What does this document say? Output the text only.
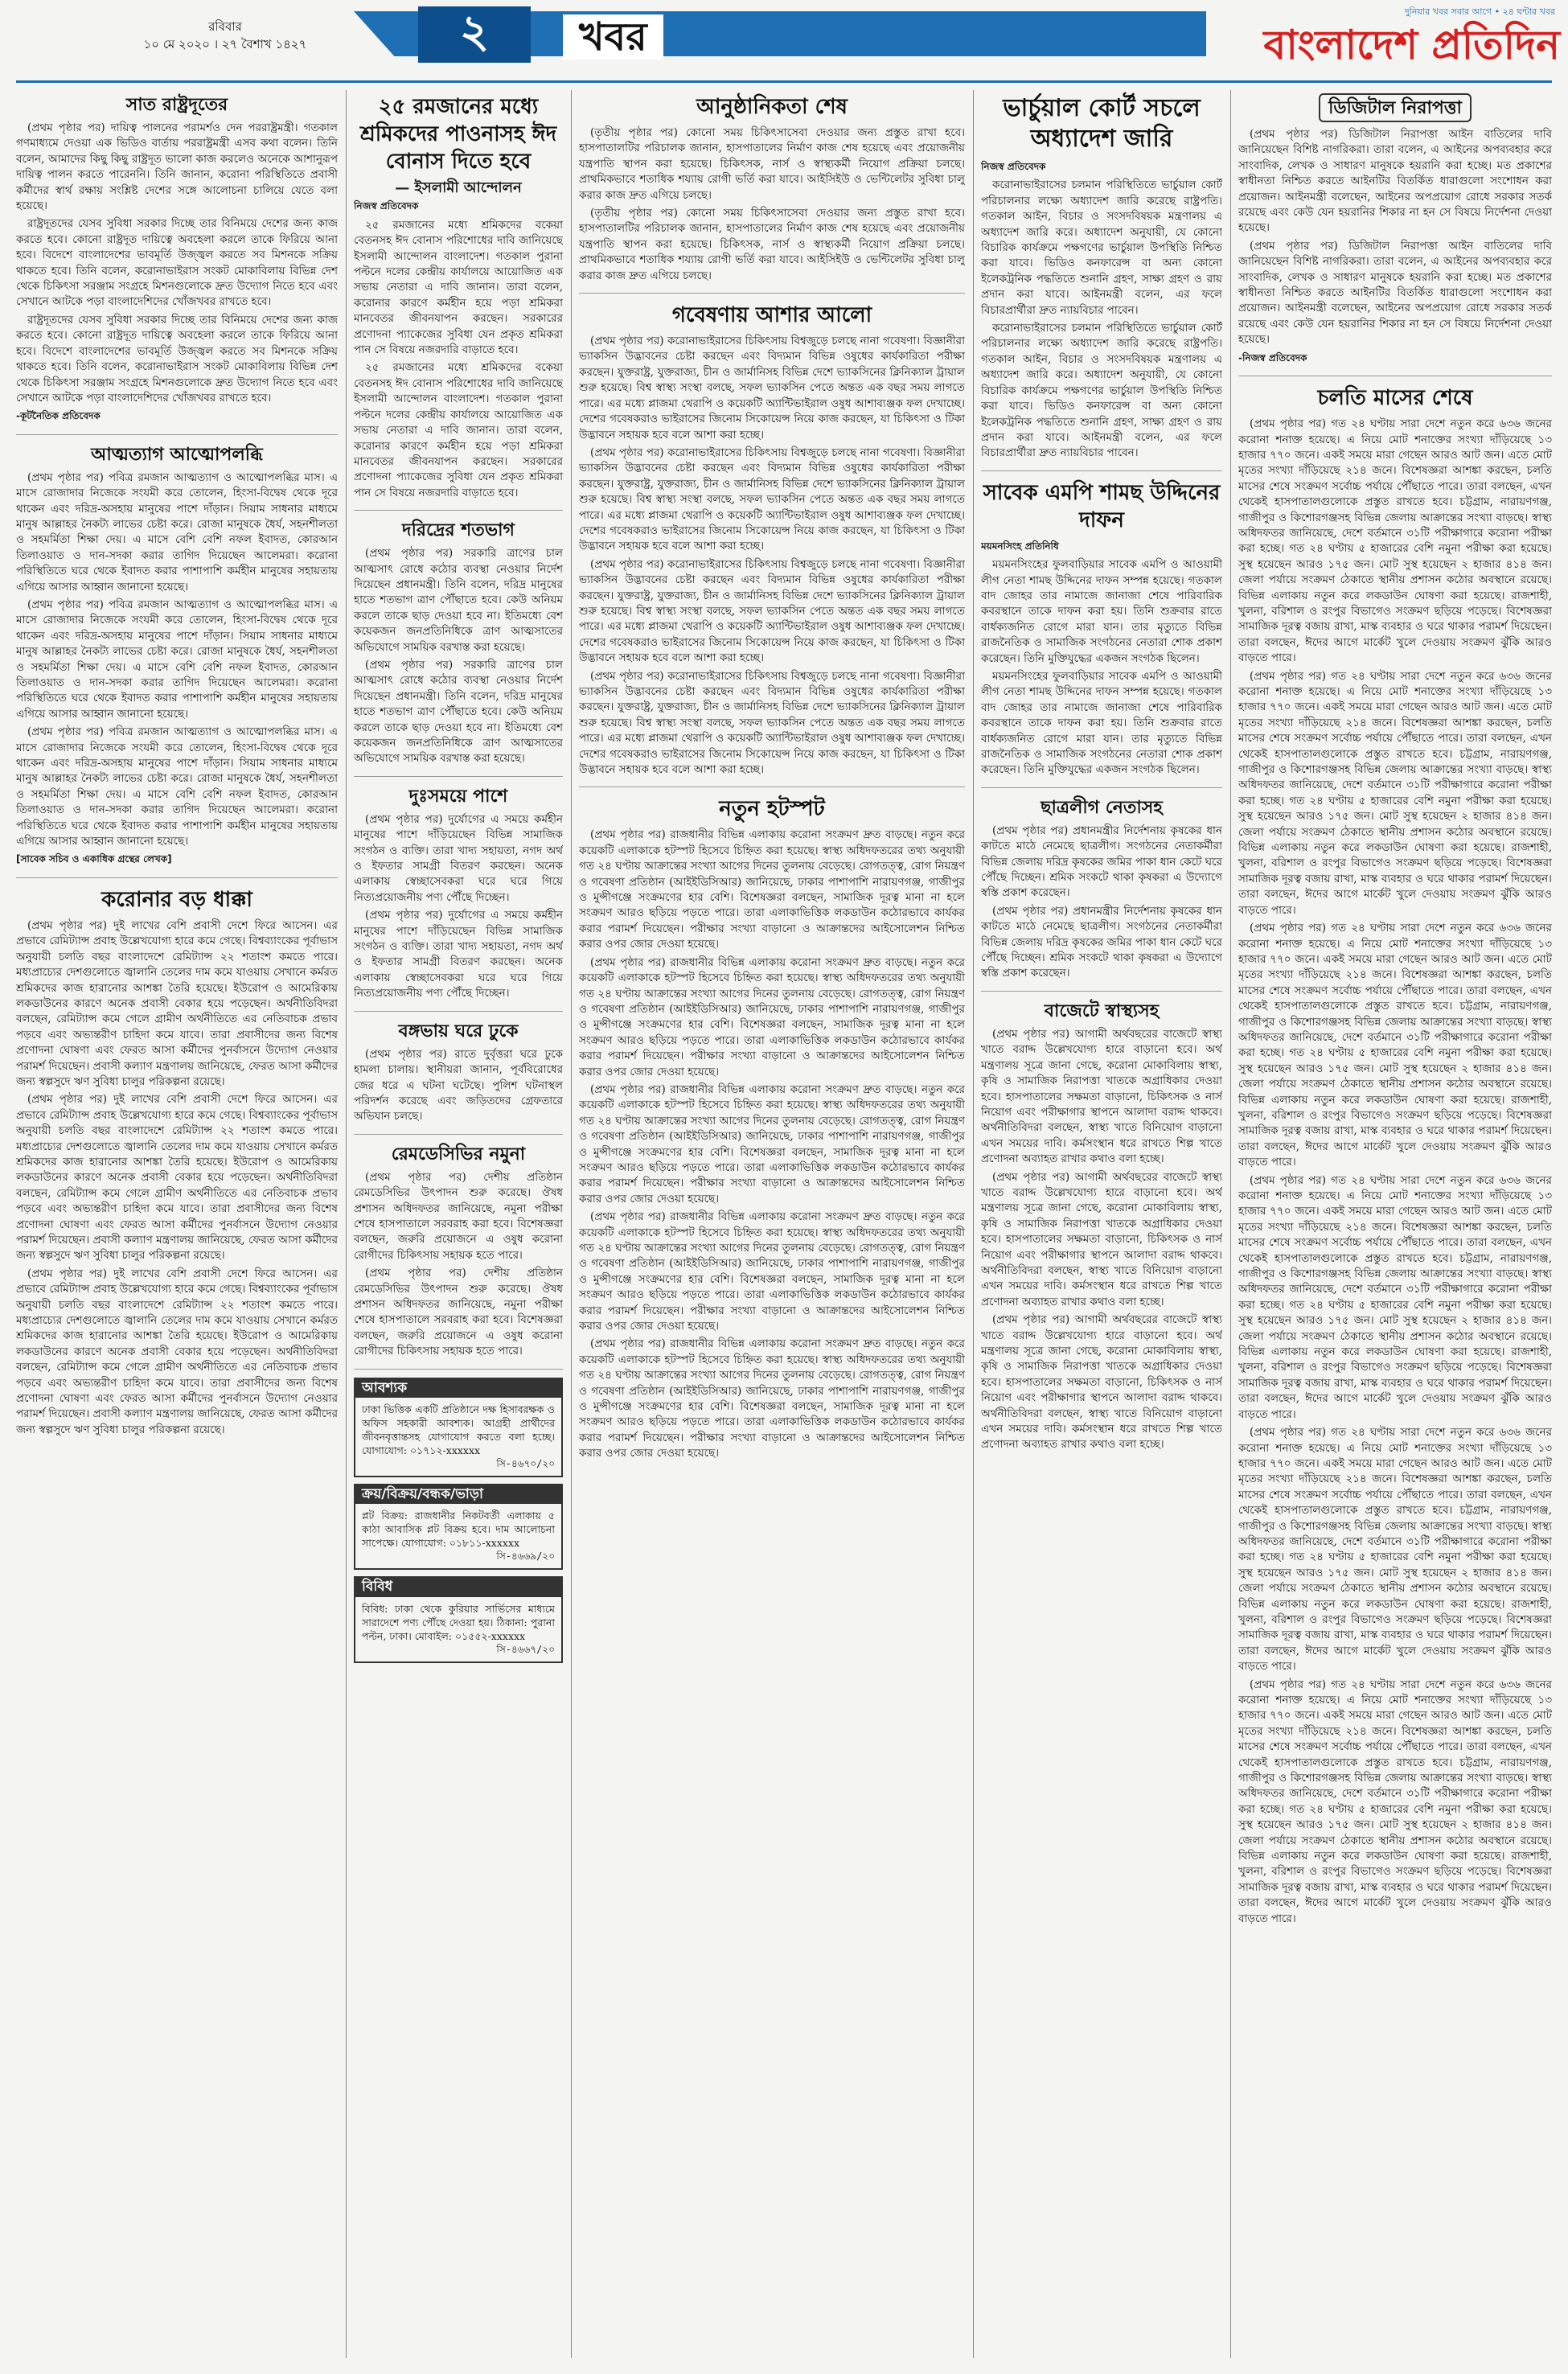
রবিবার
১০ মে ২০২০ । ২৭ বৈশাখ ১৪২৭	২	খবর
দুনিয়ার খবর সবার আগে • ২৪ ঘন্টার খবর
বাংলাদেশ প্রতিদিন
সাত রাষ্ট্রদূতের

(প্রথম পৃষ্ঠার পর) দায়িত্ব পালনের পরামর্শও দেন পররাষ্ট্রমন্ত্রী। গতকাল গণমাধ্যমে দেওয়া এক ভিডিও বার্তায় পররাষ্ট্রমন্ত্রী এসব কথা বলেন। তিনি বলেন, আমাদের কিছু কিছু রাষ্ট্রদূত ভালো কাজ করলেও অনেকে আশানুরূপ দায়িত্ব পালন করতে পারেননি। তিনি জানান, করোনা পরিস্থিতিতে প্রবাসী কর্মীদের স্বার্থ রক্ষায় সংশ্লিষ্ট দেশের সঙ্গে আলোচনা চালিয়ে যেতে বলা হয়েছে।

রাষ্ট্রদূতদের যেসব সুবিধা সরকার দিচ্ছে তার বিনিময়ে দেশের জন্য কাজ করতে হবে। কোনো রাষ্ট্রদূত দায়িত্বে অবহেলা করলে তাকে ফিরিয়ে আনা হবে। বিদেশে বাংলাদেশের ভাবমূর্তি উজ্জ্বল করতে সব মিশনকে সক্রিয় থাকতে হবে। তিনি বলেন, করোনাভাইরাস সংকট মোকাবিলায় বিভিন্ন দেশ থেকে চিকিৎসা সরঞ্জাম সংগ্রহে মিশনগুলোকে দ্রুত উদ্যোগ নিতে হবে এবং সেখানে আটকে পড়া বাংলাদেশিদের খোঁজখবর রাখতে হবে।

রাষ্ট্রদূতদের যেসব সুবিধা সরকার দিচ্ছে তার বিনিময়ে দেশের জন্য কাজ করতে হবে। কোনো রাষ্ট্রদূত দায়িত্বে অবহেলা করলে তাকে ফিরিয়ে আনা হবে। বিদেশে বাংলাদেশের ভাবমূর্তি উজ্জ্বল করতে সব মিশনকে সক্রিয় থাকতে হবে। তিনি বলেন, করোনাভাইরাস সংকট মোকাবিলায় বিভিন্ন দেশ থেকে চিকিৎসা সরঞ্জাম সংগ্রহে মিশনগুলোকে দ্রুত উদ্যোগ নিতে হবে এবং সেখানে আটকে পড়া বাংলাদেশিদের খোঁজখবর রাখতে হবে।

-কূটনৈতিক প্রতিবেদক
আত্মত্যাগ আত্মোপলব্ধি

(প্রথম পৃষ্ঠার পর) পবিত্র রমজান আত্মত্যাগ ও আত্মোপলব্ধির মাস। এ মাসে রোজাদার নিজেকে সংযমী করে তোলেন, হিংসা-বিদ্বেষ থেকে দূরে থাকেন এবং দরিদ্র-অসহায় মানুষের পাশে দাঁড়ান। সিয়াম সাধনার মাধ্যমে মানুষ আল্লাহর নৈকট্য লাভের চেষ্টা করে। রোজা মানুষকে ধৈর্য, সহনশীলতা ও সহমর্মিতা শিক্ষা দেয়। এ মাসে বেশি বেশি নফল ইবাদত, কোরআন তিলাওয়াত ও দান-সদকা করার তাগিদ দিয়েছেন আলেমরা। করোনা পরিস্থিতিতে ঘরে থেকে ইবাদত করার পাশাপাশি কর্মহীন মানুষের সহায়তায় এগিয়ে আসার আহ্বান জানানো হয়েছে।

(প্রথম পৃষ্ঠার পর) পবিত্র রমজান আত্মত্যাগ ও আত্মোপলব্ধির মাস। এ মাসে রোজাদার নিজেকে সংযমী করে তোলেন, হিংসা-বিদ্বেষ থেকে দূরে থাকেন এবং দরিদ্র-অসহায় মানুষের পাশে দাঁড়ান। সিয়াম সাধনার মাধ্যমে মানুষ আল্লাহর নৈকট্য লাভের চেষ্টা করে। রোজা মানুষকে ধৈর্য, সহনশীলতা ও সহমর্মিতা শিক্ষা দেয়। এ মাসে বেশি বেশি নফল ইবাদত, কোরআন তিলাওয়াত ও দান-সদকা করার তাগিদ দিয়েছেন আলেমরা। করোনা পরিস্থিতিতে ঘরে থেকে ইবাদত করার পাশাপাশি কর্মহীন মানুষের সহায়তায় এগিয়ে আসার আহ্বান জানানো হয়েছে।

(প্রথম পৃষ্ঠার পর) পবিত্র রমজান আত্মত্যাগ ও আত্মোপলব্ধির মাস। এ মাসে রোজাদার নিজেকে সংযমী করে তোলেন, হিংসা-বিদ্বেষ থেকে দূরে থাকেন এবং দরিদ্র-অসহায় মানুষের পাশে দাঁড়ান। সিয়াম সাধনার মাধ্যমে মানুষ আল্লাহর নৈকট্য লাভের চেষ্টা করে। রোজা মানুষকে ধৈর্য, সহনশীলতা ও সহমর্মিতা শিক্ষা দেয়। এ মাসে বেশি বেশি নফল ইবাদত, কোরআন তিলাওয়াত ও দান-সদকা করার তাগিদ দিয়েছেন আলেমরা। করোনা পরিস্থিতিতে ঘরে থেকে ইবাদত করার পাশাপাশি কর্মহীন মানুষের সহায়তায় এগিয়ে আসার আহ্বান জানানো হয়েছে।

[সাবেক সচিব ও একাধিক গ্রন্থের লেখক]
করোনার বড় ধাক্কা

(প্রথম পৃষ্ঠার পর) দুই লাখের বেশি প্রবাসী দেশে ফিরে আসেন। এর প্রভাবে রেমিট্যান্স প্রবাহ উল্লেখযোগ্য হারে কমে গেছে। বিশ্বব্যাংকের পূর্বাভাস অনুযায়ী চলতি বছর বাংলাদেশে রেমিট্যান্স ২২ শতাংশ কমতে পারে। মধ্যপ্রাচ্যের দেশগুলোতে জ্বালানি তেলের দাম কমে যাওয়ায় সেখানে কর্মরত শ্রমিকদের কাজ হারানোর আশঙ্কা তৈরি হয়েছে। ইউরোপ ও আমেরিকায় লকডাউনের কারণে অনেক প্রবাসী বেকার হয়ে পড়েছেন। অর্থনীতিবিদরা বলছেন, রেমিট্যান্স কমে গেলে গ্রামীণ অর্থনীতিতে এর নেতিবাচক প্রভাব পড়বে এবং অভ্যন্তরীণ চাহিদা কমে যাবে। তারা প্রবাসীদের জন্য বিশেষ প্রণোদনা ঘোষণা এবং ফেরত আসা কর্মীদের পুনর্বাসনে উদ্যোগ নেওয়ার পরামর্শ দিয়েছেন। প্রবাসী কল্যাণ মন্ত্রণালয় জানিয়েছে, ফেরত আসা কর্মীদের জন্য স্বল্পসুদে ঋণ সুবিধা চালুর পরিকল্পনা রয়েছে।

(প্রথম পৃষ্ঠার পর) দুই লাখের বেশি প্রবাসী দেশে ফিরে আসেন। এর প্রভাবে রেমিট্যান্স প্রবাহ উল্লেখযোগ্য হারে কমে গেছে। বিশ্বব্যাংকের পূর্বাভাস অনুযায়ী চলতি বছর বাংলাদেশে রেমিট্যান্স ২২ শতাংশ কমতে পারে। মধ্যপ্রাচ্যের দেশগুলোতে জ্বালানি তেলের দাম কমে যাওয়ায় সেখানে কর্মরত শ্রমিকদের কাজ হারানোর আশঙ্কা তৈরি হয়েছে। ইউরোপ ও আমেরিকায় লকডাউনের কারণে অনেক প্রবাসী বেকার হয়ে পড়েছেন। অর্থনীতিবিদরা বলছেন, রেমিট্যান্স কমে গেলে গ্রামীণ অর্থনীতিতে এর নেতিবাচক প্রভাব পড়বে এবং অভ্যন্তরীণ চাহিদা কমে যাবে। তারা প্রবাসীদের জন্য বিশেষ প্রণোদনা ঘোষণা এবং ফেরত আসা কর্মীদের পুনর্বাসনে উদ্যোগ নেওয়ার পরামর্শ দিয়েছেন। প্রবাসী কল্যাণ মন্ত্রণালয় জানিয়েছে, ফেরত আসা কর্মীদের জন্য স্বল্পসুদে ঋণ সুবিধা চালুর পরিকল্পনা রয়েছে।

(প্রথম পৃষ্ঠার পর) দুই লাখের বেশি প্রবাসী দেশে ফিরে আসেন। এর প্রভাবে রেমিট্যান্স প্রবাহ উল্লেখযোগ্য হারে কমে গেছে। বিশ্বব্যাংকের পূর্বাভাস অনুযায়ী চলতি বছর বাংলাদেশে রেমিট্যান্স ২২ শতাংশ কমতে পারে। মধ্যপ্রাচ্যের দেশগুলোতে জ্বালানি তেলের দাম কমে যাওয়ায় সেখানে কর্মরত শ্রমিকদের কাজ হারানোর আশঙ্কা তৈরি হয়েছে। ইউরোপ ও আমেরিকায় লকডাউনের কারণে অনেক প্রবাসী বেকার হয়ে পড়েছেন। অর্থনীতিবিদরা বলছেন, রেমিট্যান্স কমে গেলে গ্রামীণ অর্থনীতিতে এর নেতিবাচক প্রভাব পড়বে এবং অভ্যন্তরীণ চাহিদা কমে যাবে। তারা প্রবাসীদের জন্য বিশেষ প্রণোদনা ঘোষণা এবং ফেরত আসা কর্মীদের পুনর্বাসনে উদ্যোগ নেওয়ার পরামর্শ দিয়েছেন। প্রবাসী কল্যাণ মন্ত্রণালয় জানিয়েছে, ফেরত আসা কর্মীদের জন্য স্বল্পসুদে ঋণ সুবিধা চালুর পরিকল্পনা রয়েছে।

২৫ রমজানের মধ্যে শ্রমিকদের পাওনাসহ ঈদ বোনাস দিতে হবে
— ইসলামী আন্দোলন
নিজস্ব প্রতিবেদক

২৫ রমজানের মধ্যে শ্রমিকদের বকেয়া বেতনসহ ঈদ বোনাস পরিশোধের দাবি জানিয়েছে ইসলামী আন্দোলন বাংলাদেশ। গতকাল পুরানা পল্টনে দলের কেন্দ্রীয় কার্যালয়ে আয়োজিত এক সভায় নেতারা এ দাবি জানান। তারা বলেন, করোনার কারণে কর্মহীন হয়ে পড়া শ্রমিকরা মানবেতর জীবনযাপন করছেন। সরকারের প্রণোদনা প্যাকেজের সুবিধা যেন প্রকৃত শ্রমিকরা পান সে বিষয়ে নজরদারি বাড়াতে হবে।

২৫ রমজানের মধ্যে শ্রমিকদের বকেয়া বেতনসহ ঈদ বোনাস পরিশোধের দাবি জানিয়েছে ইসলামী আন্দোলন বাংলাদেশ। গতকাল পুরানা পল্টনে দলের কেন্দ্রীয় কার্যালয়ে আয়োজিত এক সভায় নেতারা এ দাবি জানান। তারা বলেন, করোনার কারণে কর্মহীন হয়ে পড়া শ্রমিকরা মানবেতর জীবনযাপন করছেন। সরকারের প্রণোদনা প্যাকেজের সুবিধা যেন প্রকৃত শ্রমিকরা পান সে বিষয়ে নজরদারি বাড়াতে হবে।

দরিদ্রের শতভাগ

(প্রথম পৃষ্ঠার পর) সরকারি ত্রাণের চাল আত্মসাৎ রোধে কঠোর ব্যবস্থা নেওয়ার নির্দেশ দিয়েছেন প্রধানমন্ত্রী। তিনি বলেন, দরিদ্র মানুষের হাতে শতভাগ ত্রাণ পৌঁছাতে হবে। কেউ অনিয়ম করলে তাকে ছাড় দেওয়া হবে না। ইতিমধ্যে বেশ কয়েকজন জনপ্রতিনিধিকে ত্রাণ আত্মসাতের অভিযোগে সাময়িক বরখাস্ত করা হয়েছে।

(প্রথম পৃষ্ঠার পর) সরকারি ত্রাণের চাল আত্মসাৎ রোধে কঠোর ব্যবস্থা নেওয়ার নির্দেশ দিয়েছেন প্রধানমন্ত্রী। তিনি বলেন, দরিদ্র মানুষের হাতে শতভাগ ত্রাণ পৌঁছাতে হবে। কেউ অনিয়ম করলে তাকে ছাড় দেওয়া হবে না। ইতিমধ্যে বেশ কয়েকজন জনপ্রতিনিধিকে ত্রাণ আত্মসাতের অভিযোগে সাময়িক বরখাস্ত করা হয়েছে।

দুঃসময়ে পাশে

(প্রথম পৃষ্ঠার পর) দুর্যোগের এ সময়ে কর্মহীন মানুষের পাশে দাঁড়িয়েছেন বিভিন্ন সামাজিক সংগঠন ও ব্যক্তি। তারা খাদ্য সহায়তা, নগদ অর্থ ও ইফতার সামগ্রী বিতরণ করছেন। অনেক এলাকায় স্বেচ্ছাসেবকরা ঘরে ঘরে গিয়ে নিত্যপ্রয়োজনীয় পণ্য পৌঁছে দিচ্ছেন।

(প্রথম পৃষ্ঠার পর) দুর্যোগের এ সময়ে কর্মহীন মানুষের পাশে দাঁড়িয়েছেন বিভিন্ন সামাজিক সংগঠন ও ব্যক্তি। তারা খাদ্য সহায়তা, নগদ অর্থ ও ইফতার সামগ্রী বিতরণ করছেন। অনেক এলাকায় স্বেচ্ছাসেবকরা ঘরে ঘরে গিয়ে নিত্যপ্রয়োজনীয় পণ্য পৌঁছে দিচ্ছেন।

বঙ্গভায় ঘরে ঢুকে

(প্রথম পৃষ্ঠার পর) রাতে দুর্বৃত্তরা ঘরে ঢুকে হামলা চালায়। স্থানীয়রা জানান, পূর্ববিরোধের জের ধরে এ ঘটনা ঘটেছে। পুলিশ ঘটনাস্থল পরিদর্শন করেছে এবং জড়িতদের গ্রেফতারে অভিযান চলছে।

রেমডেসিভির নমুনা

(প্রথম পৃষ্ঠার পর) দেশীয় প্রতিষ্ঠান রেমডেসিভির উৎপাদন শুরু করেছে। ঔষধ প্রশাসন অধিদফতর জানিয়েছে, নমুনা পরীক্ষা শেষে হাসপাতালে সরবরাহ করা হবে। বিশেষজ্ঞরা বলছেন, জরুরি প্রয়োজনে এ ওষুধ করোনা রোগীদের চিকিৎসায় সহায়ক হতে পারে।

(প্রথম পৃষ্ঠার পর) দেশীয় প্রতিষ্ঠান রেমডেসিভির উৎপাদন শুরু করেছে। ঔষধ প্রশাসন অধিদফতর জানিয়েছে, নমুনা পরীক্ষা শেষে হাসপাতালে সরবরাহ করা হবে। বিশেষজ্ঞরা বলছেন, জরুরি প্রয়োজনে এ ওষুধ করোনা রোগীদের চিকিৎসায় সহায়ক হতে পারে।

আবশ্যক
ঢাকা ভিত্তিক একটি প্রতিষ্ঠানে দক্ষ হিসাবরক্ষক ও অফিস সহকারী আবশ্যক। আগ্রহী প্রার্থীদের জীবনবৃত্তান্তসহ যোগাযোগ করতে বলা হচ্ছে। যোগাযোগ: ০১৭১২-xxxxxx
সি-৪৬৭০/২০
ক্রয়/বিক্রয়/বন্ধক/ভাড়া
প্লট বিক্রয়: রাজধানীর নিকটবর্তী এলাকায় ৫ কাঠা আবাসিক প্লট বিক্রয় হবে। দাম আলোচনা সাপেক্ষে। যোগাযোগ: ০১৮১১-xxxxxx
সি-৪৬৬৯/২০
বিবিধ
বিবিধ: ঢাকা থেকে কুরিয়ার সার্ভিসের মাধ্যমে সারাদেশে পণ্য পৌঁছে দেওয়া হয়। ঠিকানা: পুরানা পল্টন, ঢাকা। মোবাইল: ০১৫৫২-xxxxxx
সি-৪৬৬৭/২০
আনুষ্ঠানিকতা শেষ

(তৃতীয় পৃষ্ঠার পর) কোনো সময় চিকিৎসাসেবা দেওয়ার জন্য প্রস্তুত রাখা হবে। হাসপাতালটির পরিচালক জানান, হাসপাতালের নির্মাণ কাজ শেষ হয়েছে এবং প্রয়োজনীয় যন্ত্রপাতি স্থাপন করা হয়েছে। চিকিৎসক, নার্স ও স্বাস্থ্যকর্মী নিয়োগ প্রক্রিয়া চলছে। প্রাথমিকভাবে শতাধিক শয্যায় রোগী ভর্তি করা যাবে। আইসিইউ ও ভেন্টিলেটর সুবিধা চালু করার কাজ দ্রুত এগিয়ে চলছে।

(তৃতীয় পৃষ্ঠার পর) কোনো সময় চিকিৎসাসেবা দেওয়ার জন্য প্রস্তুত রাখা হবে। হাসপাতালটির পরিচালক জানান, হাসপাতালের নির্মাণ কাজ শেষ হয়েছে এবং প্রয়োজনীয় যন্ত্রপাতি স্থাপন করা হয়েছে। চিকিৎসক, নার্স ও স্বাস্থ্যকর্মী নিয়োগ প্রক্রিয়া চলছে। প্রাথমিকভাবে শতাধিক শয্যায় রোগী ভর্তি করা যাবে। আইসিইউ ও ভেন্টিলেটর সুবিধা চালু করার কাজ দ্রুত এগিয়ে চলছে।

গবেষণায় আশার আলো

(প্রথম পৃষ্ঠার পর) করোনাভাইরাসের চিকিৎসায় বিশ্বজুড়ে চলছে নানা গবেষণা। বিজ্ঞানীরা ভ্যাকসিন উদ্ভাবনের চেষ্টা করছেন এবং বিদ্যমান বিভিন্ন ওষুধের কার্যকারিতা পরীক্ষা করছেন। যুক্তরাষ্ট্র, যুক্তরাজ্য, চীন ও জার্মানিসহ বিভিন্ন দেশে ভ্যাকসিনের ক্লিনিক্যাল ট্রায়াল শুরু হয়েছে। বিশ্ব স্বাস্থ্য সংস্থা বলছে, সফল ভ্যাকসিন পেতে অন্তত এক বছর সময় লাগতে পারে। এর মধ্যে প্লাজমা থেরাপি ও কয়েকটি অ্যান্টিভাইরাল ওষুধ আশাব্যঞ্জক ফল দেখাচ্ছে। দেশের গবেষকরাও ভাইরাসের জিনোম সিকোয়েন্স নিয়ে কাজ করছেন, যা চিকিৎসা ও টিকা উদ্ভাবনে সহায়ক হবে বলে আশা করা হচ্ছে।

(প্রথম পৃষ্ঠার পর) করোনাভাইরাসের চিকিৎসায় বিশ্বজুড়ে চলছে নানা গবেষণা। বিজ্ঞানীরা ভ্যাকসিন উদ্ভাবনের চেষ্টা করছেন এবং বিদ্যমান বিভিন্ন ওষুধের কার্যকারিতা পরীক্ষা করছেন। যুক্তরাষ্ট্র, যুক্তরাজ্য, চীন ও জার্মানিসহ বিভিন্ন দেশে ভ্যাকসিনের ক্লিনিক্যাল ট্রায়াল শুরু হয়েছে। বিশ্ব স্বাস্থ্য সংস্থা বলছে, সফল ভ্যাকসিন পেতে অন্তত এক বছর সময় লাগতে পারে। এর মধ্যে প্লাজমা থেরাপি ও কয়েকটি অ্যান্টিভাইরাল ওষুধ আশাব্যঞ্জক ফল দেখাচ্ছে। দেশের গবেষকরাও ভাইরাসের জিনোম সিকোয়েন্স নিয়ে কাজ করছেন, যা চিকিৎসা ও টিকা উদ্ভাবনে সহায়ক হবে বলে আশা করা হচ্ছে।

(প্রথম পৃষ্ঠার পর) করোনাভাইরাসের চিকিৎসায় বিশ্বজুড়ে চলছে নানা গবেষণা। বিজ্ঞানীরা ভ্যাকসিন উদ্ভাবনের চেষ্টা করছেন এবং বিদ্যমান বিভিন্ন ওষুধের কার্যকারিতা পরীক্ষা করছেন। যুক্তরাষ্ট্র, যুক্তরাজ্য, চীন ও জার্মানিসহ বিভিন্ন দেশে ভ্যাকসিনের ক্লিনিক্যাল ট্রায়াল শুরু হয়েছে। বিশ্ব স্বাস্থ্য সংস্থা বলছে, সফল ভ্যাকসিন পেতে অন্তত এক বছর সময় লাগতে পারে। এর মধ্যে প্লাজমা থেরাপি ও কয়েকটি অ্যান্টিভাইরাল ওষুধ আশাব্যঞ্জক ফল দেখাচ্ছে। দেশের গবেষকরাও ভাইরাসের জিনোম সিকোয়েন্স নিয়ে কাজ করছেন, যা চিকিৎসা ও টিকা উদ্ভাবনে সহায়ক হবে বলে আশা করা হচ্ছে।

(প্রথম পৃষ্ঠার পর) করোনাভাইরাসের চিকিৎসায় বিশ্বজুড়ে চলছে নানা গবেষণা। বিজ্ঞানীরা ভ্যাকসিন উদ্ভাবনের চেষ্টা করছেন এবং বিদ্যমান বিভিন্ন ওষুধের কার্যকারিতা পরীক্ষা করছেন। যুক্তরাষ্ট্র, যুক্তরাজ্য, চীন ও জার্মানিসহ বিভিন্ন দেশে ভ্যাকসিনের ক্লিনিক্যাল ট্রায়াল শুরু হয়েছে। বিশ্ব স্বাস্থ্য সংস্থা বলছে, সফল ভ্যাকসিন পেতে অন্তত এক বছর সময় লাগতে পারে। এর মধ্যে প্লাজমা থেরাপি ও কয়েকটি অ্যান্টিভাইরাল ওষুধ আশাব্যঞ্জক ফল দেখাচ্ছে। দেশের গবেষকরাও ভাইরাসের জিনোম সিকোয়েন্স নিয়ে কাজ করছেন, যা চিকিৎসা ও টিকা উদ্ভাবনে সহায়ক হবে বলে আশা করা হচ্ছে।

নতুন হটস্পট

(প্রথম পৃষ্ঠার পর) রাজধানীর বিভিন্ন এলাকায় করোনা সংক্রমণ দ্রুত বাড়ছে। নতুন করে কয়েকটি এলাকাকে হটস্পট হিসেবে চিহ্নিত করা হয়েছে। স্বাস্থ্য অধিদফতরের তথ্য অনুযায়ী গত ২৪ ঘণ্টায় আক্রান্তের সংখ্যা আগের দিনের তুলনায় বেড়েছে। রোগতত্ত্ব, রোগ নিয়ন্ত্রণ ও গবেষণা প্রতিষ্ঠান (আইইডিসিআর) জানিয়েছে, ঢাকার পাশাপাশি নারায়ণগঞ্জ, গাজীপুর ও মুন্সীগঞ্জে সংক্রমণের হার বেশি। বিশেষজ্ঞরা বলছেন, সামাজিক দূরত্ব মানা না হলে সংক্রমণ আরও ছড়িয়ে পড়তে পারে। তারা এলাকাভিত্তিক লকডাউন কঠোরভাবে কার্যকর করার পরামর্শ দিয়েছেন। পরীক্ষার সংখ্যা বাড়ানো ও আক্রান্তদের আইসোলেশন নিশ্চিত করার ওপর জোর দেওয়া হয়েছে।

(প্রথম পৃষ্ঠার পর) রাজধানীর বিভিন্ন এলাকায় করোনা সংক্রমণ দ্রুত বাড়ছে। নতুন করে কয়েকটি এলাকাকে হটস্পট হিসেবে চিহ্নিত করা হয়েছে। স্বাস্থ্য অধিদফতরের তথ্য অনুযায়ী গত ২৪ ঘণ্টায় আক্রান্তের সংখ্যা আগের দিনের তুলনায় বেড়েছে। রোগতত্ত্ব, রোগ নিয়ন্ত্রণ ও গবেষণা প্রতিষ্ঠান (আইইডিসিআর) জানিয়েছে, ঢাকার পাশাপাশি নারায়ণগঞ্জ, গাজীপুর ও মুন্সীগঞ্জে সংক্রমণের হার বেশি। বিশেষজ্ঞরা বলছেন, সামাজিক দূরত্ব মানা না হলে সংক্রমণ আরও ছড়িয়ে পড়তে পারে। তারা এলাকাভিত্তিক লকডাউন কঠোরভাবে কার্যকর করার পরামর্শ দিয়েছেন। পরীক্ষার সংখ্যা বাড়ানো ও আক্রান্তদের আইসোলেশন নিশ্চিত করার ওপর জোর দেওয়া হয়েছে।

(প্রথম পৃষ্ঠার পর) রাজধানীর বিভিন্ন এলাকায় করোনা সংক্রমণ দ্রুত বাড়ছে। নতুন করে কয়েকটি এলাকাকে হটস্পট হিসেবে চিহ্নিত করা হয়েছে। স্বাস্থ্য অধিদফতরের তথ্য অনুযায়ী গত ২৪ ঘণ্টায় আক্রান্তের সংখ্যা আগের দিনের তুলনায় বেড়েছে। রোগতত্ত্ব, রোগ নিয়ন্ত্রণ ও গবেষণা প্রতিষ্ঠান (আইইডিসিআর) জানিয়েছে, ঢাকার পাশাপাশি নারায়ণগঞ্জ, গাজীপুর ও মুন্সীগঞ্জে সংক্রমণের হার বেশি। বিশেষজ্ঞরা বলছেন, সামাজিক দূরত্ব মানা না হলে সংক্রমণ আরও ছড়িয়ে পড়তে পারে। তারা এলাকাভিত্তিক লকডাউন কঠোরভাবে কার্যকর করার পরামর্শ দিয়েছেন। পরীক্ষার সংখ্যা বাড়ানো ও আক্রান্তদের আইসোলেশন নিশ্চিত করার ওপর জোর দেওয়া হয়েছে।

(প্রথম পৃষ্ঠার পর) রাজধানীর বিভিন্ন এলাকায় করোনা সংক্রমণ দ্রুত বাড়ছে। নতুন করে কয়েকটি এলাকাকে হটস্পট হিসেবে চিহ্নিত করা হয়েছে। স্বাস্থ্য অধিদফতরের তথ্য অনুযায়ী গত ২৪ ঘণ্টায় আক্রান্তের সংখ্যা আগের দিনের তুলনায় বেড়েছে। রোগতত্ত্ব, রোগ নিয়ন্ত্রণ ও গবেষণা প্রতিষ্ঠান (আইইডিসিআর) জানিয়েছে, ঢাকার পাশাপাশি নারায়ণগঞ্জ, গাজীপুর ও মুন্সীগঞ্জে সংক্রমণের হার বেশি। বিশেষজ্ঞরা বলছেন, সামাজিক দূরত্ব মানা না হলে সংক্রমণ আরও ছড়িয়ে পড়তে পারে। তারা এলাকাভিত্তিক লকডাউন কঠোরভাবে কার্যকর করার পরামর্শ দিয়েছেন। পরীক্ষার সংখ্যা বাড়ানো ও আক্রান্তদের আইসোলেশন নিশ্চিত করার ওপর জোর দেওয়া হয়েছে।

(প্রথম পৃষ্ঠার পর) রাজধানীর বিভিন্ন এলাকায় করোনা সংক্রমণ দ্রুত বাড়ছে। নতুন করে কয়েকটি এলাকাকে হটস্পট হিসেবে চিহ্নিত করা হয়েছে। স্বাস্থ্য অধিদফতরের তথ্য অনুযায়ী গত ২৪ ঘণ্টায় আক্রান্তের সংখ্যা আগের দিনের তুলনায় বেড়েছে। রোগতত্ত্ব, রোগ নিয়ন্ত্রণ ও গবেষণা প্রতিষ্ঠান (আইইডিসিআর) জানিয়েছে, ঢাকার পাশাপাশি নারায়ণগঞ্জ, গাজীপুর ও মুন্সীগঞ্জে সংক্রমণের হার বেশি। বিশেষজ্ঞরা বলছেন, সামাজিক দূরত্ব মানা না হলে সংক্রমণ আরও ছড়িয়ে পড়তে পারে। তারা এলাকাভিত্তিক লকডাউন কঠোরভাবে কার্যকর করার পরামর্শ দিয়েছেন। পরীক্ষার সংখ্যা বাড়ানো ও আক্রান্তদের আইসোলেশন নিশ্চিত করার ওপর জোর দেওয়া হয়েছে।

ভার্চুয়াল কোর্ট সচলে অধ্যাদেশ জারি
নিজস্ব প্রতিবেদক

করোনাভাইরাসের চলমান পরিস্থিতিতে ভার্চুয়াল কোর্ট পরিচালনার লক্ষ্যে অধ্যাদেশ জারি করেছে রাষ্ট্রপতি। গতকাল আইন, বিচার ও সংসদবিষয়ক মন্ত্রণালয় এ অধ্যাদেশ জারি করে। অধ্যাদেশ অনুযায়ী, যে কোনো বিচারিক কার্যক্রমে পক্ষগণের ভার্চুয়াল উপস্থিতি নিশ্চিত করা যাবে। ভিডিও কনফারেন্স বা অন্য কোনো ইলেকট্রনিক পদ্ধতিতে শুনানি গ্রহণ, সাক্ষ্য গ্রহণ ও রায় প্রদান করা যাবে। আইনমন্ত্রী বলেন, এর ফলে বিচারপ্রার্থীরা দ্রুত ন্যায়বিচার পাবেন।

করোনাভাইরাসের চলমান পরিস্থিতিতে ভার্চুয়াল কোর্ট পরিচালনার লক্ষ্যে অধ্যাদেশ জারি করেছে রাষ্ট্রপতি। গতকাল আইন, বিচার ও সংসদবিষয়ক মন্ত্রণালয় এ অধ্যাদেশ জারি করে। অধ্যাদেশ অনুযায়ী, যে কোনো বিচারিক কার্যক্রমে পক্ষগণের ভার্চুয়াল উপস্থিতি নিশ্চিত করা যাবে। ভিডিও কনফারেন্স বা অন্য কোনো ইলেকট্রনিক পদ্ধতিতে শুনানি গ্রহণ, সাক্ষ্য গ্রহণ ও রায় প্রদান করা যাবে। আইনমন্ত্রী বলেন, এর ফলে বিচারপ্রার্থীরা দ্রুত ন্যায়বিচার পাবেন।

সাবেক এমপি শামছ উদ্দিনের দাফন
ময়মনসিংহ প্রতিনিধি

ময়মনসিংহের ফুলবাড়িয়ার সাবেক এমপি ও আওয়ামী লীগ নেতা শামছ উদ্দিনের দাফন সম্পন্ন হয়েছে। গতকাল বাদ জোহর তার নামাজে জানাজা শেষে পারিবারিক কবরস্থানে তাকে দাফন করা হয়। তিনি শুক্রবার রাতে বার্ধক্যজনিত রোগে মারা যান। তার মৃত্যুতে বিভিন্ন রাজনৈতিক ও সামাজিক সংগঠনের নেতারা শোক প্রকাশ করেছেন। তিনি মুক্তিযুদ্ধের একজন সংগঠক ছিলেন।

ময়মনসিংহের ফুলবাড়িয়ার সাবেক এমপি ও আওয়ামী লীগ নেতা শামছ উদ্দিনের দাফন সম্পন্ন হয়েছে। গতকাল বাদ জোহর তার নামাজে জানাজা শেষে পারিবারিক কবরস্থানে তাকে দাফন করা হয়। তিনি শুক্রবার রাতে বার্ধক্যজনিত রোগে মারা যান। তার মৃত্যুতে বিভিন্ন রাজনৈতিক ও সামাজিক সংগঠনের নেতারা শোক প্রকাশ করেছেন। তিনি মুক্তিযুদ্ধের একজন সংগঠক ছিলেন।

ছাত্রলীগ নেতাসহ

(প্রথম পৃষ্ঠার পর) প্রধানমন্ত্রীর নির্দেশনায় কৃষকের ধান কাটতে মাঠে নেমেছে ছাত্রলীগ। সংগঠনের নেতাকর্মীরা বিভিন্ন জেলায় দরিদ্র কৃষকের জমির পাকা ধান কেটে ঘরে পৌঁছে দিচ্ছেন। শ্রমিক সংকটে থাকা কৃষকরা এ উদ্যোগে স্বস্তি প্রকাশ করেছেন।

(প্রথম পৃষ্ঠার পর) প্রধানমন্ত্রীর নির্দেশনায় কৃষকের ধান কাটতে মাঠে নেমেছে ছাত্রলীগ। সংগঠনের নেতাকর্মীরা বিভিন্ন জেলায় দরিদ্র কৃষকের জমির পাকা ধান কেটে ঘরে পৌঁছে দিচ্ছেন। শ্রমিক সংকটে থাকা কৃষকরা এ উদ্যোগে স্বস্তি প্রকাশ করেছেন।

বাজেটে স্বাস্থ্যসহ

(প্রথম পৃষ্ঠার পর) আগামী অর্থবছরের বাজেটে স্বাস্থ্য খাতে বরাদ্দ উল্লেখযোগ্য হারে বাড়ানো হবে। অর্থ মন্ত্রণালয় সূত্রে জানা গেছে, করোনা মোকাবিলায় স্বাস্থ্য, কৃষি ও সামাজিক নিরাপত্তা খাতকে অগ্রাধিকার দেওয়া হবে। হাসপাতালের সক্ষমতা বাড়ানো, চিকিৎসক ও নার্স নিয়োগ এবং পরীক্ষাগার স্থাপনে আলাদা বরাদ্দ থাকবে। অর্থনীতিবিদরা বলছেন, স্বাস্থ্য খাতে বিনিয়োগ বাড়ানো এখন সময়ের দাবি। কর্মসংস্থান ধরে রাখতে শিল্প খাতে প্রণোদনা অব্যাহত রাখার কথাও বলা হচ্ছে।

(প্রথম পৃষ্ঠার পর) আগামী অর্থবছরের বাজেটে স্বাস্থ্য খাতে বরাদ্দ উল্লেখযোগ্য হারে বাড়ানো হবে। অর্থ মন্ত্রণালয় সূত্রে জানা গেছে, করোনা মোকাবিলায় স্বাস্থ্য, কৃষি ও সামাজিক নিরাপত্তা খাতকে অগ্রাধিকার দেওয়া হবে। হাসপাতালের সক্ষমতা বাড়ানো, চিকিৎসক ও নার্স নিয়োগ এবং পরীক্ষাগার স্থাপনে আলাদা বরাদ্দ থাকবে। অর্থনীতিবিদরা বলছেন, স্বাস্থ্য খাতে বিনিয়োগ বাড়ানো এখন সময়ের দাবি। কর্মসংস্থান ধরে রাখতে শিল্প খাতে প্রণোদনা অব্যাহত রাখার কথাও বলা হচ্ছে।

(প্রথম পৃষ্ঠার পর) আগামী অর্থবছরের বাজেটে স্বাস্থ্য খাতে বরাদ্দ উল্লেখযোগ্য হারে বাড়ানো হবে। অর্থ মন্ত্রণালয় সূত্রে জানা গেছে, করোনা মোকাবিলায় স্বাস্থ্য, কৃষি ও সামাজিক নিরাপত্তা খাতকে অগ্রাধিকার দেওয়া হবে। হাসপাতালের সক্ষমতা বাড়ানো, চিকিৎসক ও নার্স নিয়োগ এবং পরীক্ষাগার স্থাপনে আলাদা বরাদ্দ থাকবে। অর্থনীতিবিদরা বলছেন, স্বাস্থ্য খাতে বিনিয়োগ বাড়ানো এখন সময়ের দাবি। কর্মসংস্থান ধরে রাখতে শিল্প খাতে প্রণোদনা অব্যাহত রাখার কথাও বলা হচ্ছে।

ডিজিটাল নিরাপত্তা

(প্রথম পৃষ্ঠার পর) ডিজিটাল নিরাপত্তা আইন বাতিলের দাবি জানিয়েছেন বিশিষ্ট নাগরিকরা। তারা বলেন, এ আইনের অপব্যবহার করে সাংবাদিক, লেখক ও সাধারণ মানুষকে হয়রানি করা হচ্ছে। মত প্রকাশের স্বাধীনতা নিশ্চিত করতে আইনটির বিতর্কিত ধারাগুলো সংশোধন করা প্রয়োজন। আইনমন্ত্রী বলেছেন, আইনের অপপ্রয়োগ রোধে সরকার সতর্ক রয়েছে এবং কেউ যেন হয়রানির শিকার না হন সে বিষয়ে নির্দেশনা দেওয়া হয়েছে।

(প্রথম পৃষ্ঠার পর) ডিজিটাল নিরাপত্তা আইন বাতিলের দাবি জানিয়েছেন বিশিষ্ট নাগরিকরা। তারা বলেন, এ আইনের অপব্যবহার করে সাংবাদিক, লেখক ও সাধারণ মানুষকে হয়রানি করা হচ্ছে। মত প্রকাশের স্বাধীনতা নিশ্চিত করতে আইনটির বিতর্কিত ধারাগুলো সংশোধন করা প্রয়োজন। আইনমন্ত্রী বলেছেন, আইনের অপপ্রয়োগ রোধে সরকার সতর্ক রয়েছে এবং কেউ যেন হয়রানির শিকার না হন সে বিষয়ে নির্দেশনা দেওয়া হয়েছে।

-নিজস্ব প্রতিবেদক
চলতি মাসের শেষে

(প্রথম পৃষ্ঠার পর) গত ২৪ ঘণ্টায় সারা দেশে নতুন করে ৬৩৬ জনের করোনা শনাক্ত হয়েছে। এ নিয়ে মোট শনাক্তের সংখ্যা দাঁড়িয়েছে ১৩ হাজার ৭৭০ জনে। একই সময়ে মারা গেছেন আরও আট জন। এতে মোট মৃতের সংখ্যা দাঁড়িয়েছে ২১৪ জনে। বিশেষজ্ঞরা আশঙ্কা করছেন, চলতি মাসের শেষে সংক্রমণ সর্বোচ্চ পর্যায়ে পৌঁছাতে পারে। তারা বলছেন, এখন থেকেই হাসপাতালগুলোকে প্রস্তুত রাখতে হবে। চট্টগ্রাম, নারায়ণগঞ্জ, গাজীপুর ও কিশোরগঞ্জসহ বিভিন্ন জেলায় আক্রান্তের সংখ্যা বাড়ছে। স্বাস্থ্য অধিদফতর জানিয়েছে, দেশে বর্তমানে ৩১টি পরীক্ষাগারে করোনা পরীক্ষা করা হচ্ছে। গত ২৪ ঘণ্টায় ৫ হাজারের বেশি নমুনা পরীক্ষা করা হয়েছে। সুস্থ হয়েছেন আরও ১৭৫ জন। মোট সুস্থ হয়েছেন ২ হাজার ৪১৪ জন। জেলা পর্যায়ে সংক্রমণ ঠেকাতে স্থানীয় প্রশাসন কঠোর অবস্থানে রয়েছে। বিভিন্ন এলাকায় নতুন করে লকডাউন ঘোষণা করা হয়েছে। রাজশাহী, খুলনা, বরিশাল ও রংপুর বিভাগেও সংক্রমণ ছড়িয়ে পড়েছে। বিশেষজ্ঞরা সামাজিক দূরত্ব বজায় রাখা, মাস্ক ব্যবহার ও ঘরে থাকার পরামর্শ দিয়েছেন। তারা বলছেন, ঈদের আগে মার্কেট খুলে দেওয়ায় সংক্রমণ ঝুঁকি আরও বাড়তে পারে।

(প্রথম পৃষ্ঠার পর) গত ২৪ ঘণ্টায় সারা দেশে নতুন করে ৬৩৬ জনের করোনা শনাক্ত হয়েছে। এ নিয়ে মোট শনাক্তের সংখ্যা দাঁড়িয়েছে ১৩ হাজার ৭৭০ জনে। একই সময়ে মারা গেছেন আরও আট জন। এতে মোট মৃতের সংখ্যা দাঁড়িয়েছে ২১৪ জনে। বিশেষজ্ঞরা আশঙ্কা করছেন, চলতি মাসের শেষে সংক্রমণ সর্বোচ্চ পর্যায়ে পৌঁছাতে পারে। তারা বলছেন, এখন থেকেই হাসপাতালগুলোকে প্রস্তুত রাখতে হবে। চট্টগ্রাম, নারায়ণগঞ্জ, গাজীপুর ও কিশোরগঞ্জসহ বিভিন্ন জেলায় আক্রান্তের সংখ্যা বাড়ছে। স্বাস্থ্য অধিদফতর জানিয়েছে, দেশে বর্তমানে ৩১টি পরীক্ষাগারে করোনা পরীক্ষা করা হচ্ছে। গত ২৪ ঘণ্টায় ৫ হাজারের বেশি নমুনা পরীক্ষা করা হয়েছে। সুস্থ হয়েছেন আরও ১৭৫ জন। মোট সুস্থ হয়েছেন ২ হাজার ৪১৪ জন। জেলা পর্যায়ে সংক্রমণ ঠেকাতে স্থানীয় প্রশাসন কঠোর অবস্থানে রয়েছে। বিভিন্ন এলাকায় নতুন করে লকডাউন ঘোষণা করা হয়েছে। রাজশাহী, খুলনা, বরিশাল ও রংপুর বিভাগেও সংক্রমণ ছড়িয়ে পড়েছে। বিশেষজ্ঞরা সামাজিক দূরত্ব বজায় রাখা, মাস্ক ব্যবহার ও ঘরে থাকার পরামর্শ দিয়েছেন। তারা বলছেন, ঈদের আগে মার্কেট খুলে দেওয়ায় সংক্রমণ ঝুঁকি আরও বাড়তে পারে।

(প্রথম পৃষ্ঠার পর) গত ২৪ ঘণ্টায় সারা দেশে নতুন করে ৬৩৬ জনের করোনা শনাক্ত হয়েছে। এ নিয়ে মোট শনাক্তের সংখ্যা দাঁড়িয়েছে ১৩ হাজার ৭৭০ জনে। একই সময়ে মারা গেছেন আরও আট জন। এতে মোট মৃতের সংখ্যা দাঁড়িয়েছে ২১৪ জনে। বিশেষজ্ঞরা আশঙ্কা করছেন, চলতি মাসের শেষে সংক্রমণ সর্বোচ্চ পর্যায়ে পৌঁছাতে পারে। তারা বলছেন, এখন থেকেই হাসপাতালগুলোকে প্রস্তুত রাখতে হবে। চট্টগ্রাম, নারায়ণগঞ্জ, গাজীপুর ও কিশোরগঞ্জসহ বিভিন্ন জেলায় আক্রান্তের সংখ্যা বাড়ছে। স্বাস্থ্য অধিদফতর জানিয়েছে, দেশে বর্তমানে ৩১টি পরীক্ষাগারে করোনা পরীক্ষা করা হচ্ছে। গত ২৪ ঘণ্টায় ৫ হাজারের বেশি নমুনা পরীক্ষা করা হয়েছে। সুস্থ হয়েছেন আরও ১৭৫ জন। মোট সুস্থ হয়েছেন ২ হাজার ৪১৪ জন। জেলা পর্যায়ে সংক্রমণ ঠেকাতে স্থানীয় প্রশাসন কঠোর অবস্থানে রয়েছে। বিভিন্ন এলাকায় নতুন করে লকডাউন ঘোষণা করা হয়েছে। রাজশাহী, খুলনা, বরিশাল ও রংপুর বিভাগেও সংক্রমণ ছড়িয়ে পড়েছে। বিশেষজ্ঞরা সামাজিক দূরত্ব বজায় রাখা, মাস্ক ব্যবহার ও ঘরে থাকার পরামর্শ দিয়েছেন। তারা বলছেন, ঈদের আগে মার্কেট খুলে দেওয়ায় সংক্রমণ ঝুঁকি আরও বাড়তে পারে।

(প্রথম পৃষ্ঠার পর) গত ২৪ ঘণ্টায় সারা দেশে নতুন করে ৬৩৬ জনের করোনা শনাক্ত হয়েছে। এ নিয়ে মোট শনাক্তের সংখ্যা দাঁড়িয়েছে ১৩ হাজার ৭৭০ জনে। একই সময়ে মারা গেছেন আরও আট জন। এতে মোট মৃতের সংখ্যা দাঁড়িয়েছে ২১৪ জনে। বিশেষজ্ঞরা আশঙ্কা করছেন, চলতি মাসের শেষে সংক্রমণ সর্বোচ্চ পর্যায়ে পৌঁছাতে পারে। তারা বলছেন, এখন থেকেই হাসপাতালগুলোকে প্রস্তুত রাখতে হবে। চট্টগ্রাম, নারায়ণগঞ্জ, গাজীপুর ও কিশোরগঞ্জসহ বিভিন্ন জেলায় আক্রান্তের সংখ্যা বাড়ছে। স্বাস্থ্য অধিদফতর জানিয়েছে, দেশে বর্তমানে ৩১টি পরীক্ষাগারে করোনা পরীক্ষা করা হচ্ছে। গত ২৪ ঘণ্টায় ৫ হাজারের বেশি নমুনা পরীক্ষা করা হয়েছে। সুস্থ হয়েছেন আরও ১৭৫ জন। মোট সুস্থ হয়েছেন ২ হাজার ৪১৪ জন। জেলা পর্যায়ে সংক্রমণ ঠেকাতে স্থানীয় প্রশাসন কঠোর অবস্থানে রয়েছে। বিভিন্ন এলাকায় নতুন করে লকডাউন ঘোষণা করা হয়েছে। রাজশাহী, খুলনা, বরিশাল ও রংপুর বিভাগেও সংক্রমণ ছড়িয়ে পড়েছে। বিশেষজ্ঞরা সামাজিক দূরত্ব বজায় রাখা, মাস্ক ব্যবহার ও ঘরে থাকার পরামর্শ দিয়েছেন। তারা বলছেন, ঈদের আগে মার্কেট খুলে দেওয়ায় সংক্রমণ ঝুঁকি আরও বাড়তে পারে।

(প্রথম পৃষ্ঠার পর) গত ২৪ ঘণ্টায় সারা দেশে নতুন করে ৬৩৬ জনের করোনা শনাক্ত হয়েছে। এ নিয়ে মোট শনাক্তের সংখ্যা দাঁড়িয়েছে ১৩ হাজার ৭৭০ জনে। একই সময়ে মারা গেছেন আরও আট জন। এতে মোট মৃতের সংখ্যা দাঁড়িয়েছে ২১৪ জনে। বিশেষজ্ঞরা আশঙ্কা করছেন, চলতি মাসের শেষে সংক্রমণ সর্বোচ্চ পর্যায়ে পৌঁছাতে পারে। তারা বলছেন, এখন থেকেই হাসপাতালগুলোকে প্রস্তুত রাখতে হবে। চট্টগ্রাম, নারায়ণগঞ্জ, গাজীপুর ও কিশোরগঞ্জসহ বিভিন্ন জেলায় আক্রান্তের সংখ্যা বাড়ছে। স্বাস্থ্য অধিদফতর জানিয়েছে, দেশে বর্তমানে ৩১টি পরীক্ষাগারে করোনা পরীক্ষা করা হচ্ছে। গত ২৪ ঘণ্টায় ৫ হাজারের বেশি নমুনা পরীক্ষা করা হয়েছে। সুস্থ হয়েছেন আরও ১৭৫ জন। মোট সুস্থ হয়েছেন ২ হাজার ৪১৪ জন। জেলা পর্যায়ে সংক্রমণ ঠেকাতে স্থানীয় প্রশাসন কঠোর অবস্থানে রয়েছে। বিভিন্ন এলাকায় নতুন করে লকডাউন ঘোষণা করা হয়েছে। রাজশাহী, খুলনা, বরিশাল ও রংপুর বিভাগেও সংক্রমণ ছড়িয়ে পড়েছে। বিশেষজ্ঞরা সামাজিক দূরত্ব বজায় রাখা, মাস্ক ব্যবহার ও ঘরে থাকার পরামর্শ দিয়েছেন। তারা বলছেন, ঈদের আগে মার্কেট খুলে দেওয়ায় সংক্রমণ ঝুঁকি আরও বাড়তে পারে।

(প্রথম পৃষ্ঠার পর) গত ২৪ ঘণ্টায় সারা দেশে নতুন করে ৬৩৬ জনের করোনা শনাক্ত হয়েছে। এ নিয়ে মোট শনাক্তের সংখ্যা দাঁড়িয়েছে ১৩ হাজার ৭৭০ জনে। একই সময়ে মারা গেছেন আরও আট জন। এতে মোট মৃতের সংখ্যা দাঁড়িয়েছে ২১৪ জনে। বিশেষজ্ঞরা আশঙ্কা করছেন, চলতি মাসের শেষে সংক্রমণ সর্বোচ্চ পর্যায়ে পৌঁছাতে পারে। তারা বলছেন, এখন থেকেই হাসপাতালগুলোকে প্রস্তুত রাখতে হবে। চট্টগ্রাম, নারায়ণগঞ্জ, গাজীপুর ও কিশোরগঞ্জসহ বিভিন্ন জেলায় আক্রান্তের সংখ্যা বাড়ছে। স্বাস্থ্য অধিদফতর জানিয়েছে, দেশে বর্তমানে ৩১টি পরীক্ষাগারে করোনা পরীক্ষা করা হচ্ছে। গত ২৪ ঘণ্টায় ৫ হাজারের বেশি নমুনা পরীক্ষা করা হয়েছে। সুস্থ হয়েছেন আরও ১৭৫ জন। মোট সুস্থ হয়েছেন ২ হাজার ৪১৪ জন। জেলা পর্যায়ে সংক্রমণ ঠেকাতে স্থানীয় প্রশাসন কঠোর অবস্থানে রয়েছে। বিভিন্ন এলাকায় নতুন করে লকডাউন ঘোষণা করা হয়েছে। রাজশাহী, খুলনা, বরিশাল ও রংপুর বিভাগেও সংক্রমণ ছড়িয়ে পড়েছে। বিশেষজ্ঞরা সামাজিক দূরত্ব বজায় রাখা, মাস্ক ব্যবহার ও ঘরে থাকার পরামর্শ দিয়েছেন। তারা বলছেন, ঈদের আগে মার্কেট খুলে দেওয়ায় সংক্রমণ ঝুঁকি আরও বাড়তে পারে।
